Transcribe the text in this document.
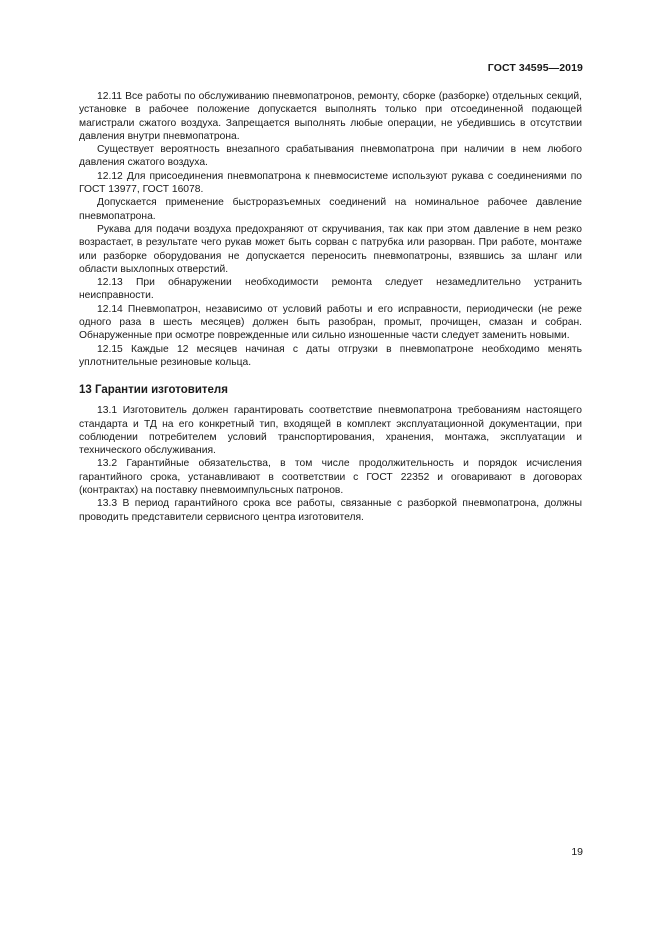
ГОСТ 34595—2019

12.11 Все работы по обслуживанию пневмопатронов, ремонту, сборке (разборке) отдельных секций, установке в рабочее положение допускается выполнять только при отсоединенной подающей магистрали сжатого воздуха. Запрещается выполнять любые операции, не убедившись в отсутствии давления внутри пневмопатрона.

Существует вероятность внезапного срабатывания пневмопатрона при наличии в нем любого давления сжатого воздуха.

12.12 Для присоединения пневмопатрона к пневмосистеме используют рукава с соединениями по ГОСТ 13977, ГОСТ 16078.

Допускается применение быстроразъемных соединений на номинальное рабочее давление пневмопатрона.

Рукава для подачи воздуха предохраняют от скручивания, так как при этом давление в нем резко возрастает, в результате чего рукав может быть сорван с патрубка или разорван. При работе, монтаже или разборке оборудования не допускается переносить пневмопатроны, взявшись за шланг или области выхлопных отверстий.

12.13 При обнаружении необходимости ремонта следует незамедлительно устранить неисправности.

12.14 Пневмопатрон, независимо от условий работы и его исправности, периодически (не реже одного раза в шесть месяцев) должен быть разобран, промыт, прочищен, смазан и собран. Обнаруженные при осмотре поврежденные или сильно изношенные части следует заменить новыми.

12.15 Каждые 12 месяцев начиная с даты отгрузки в пневмопатроне необходимо менять уплотнительные резиновые кольца.

13 Гарантии изготовителя

13.1 Изготовитель должен гарантировать соответствие пневмопатрона требованиям настоящего стандарта и ТД на его конкретный тип, входящей в комплект эксплуатационной документации, при соблюдении потребителем условий транспортирования, хранения, монтажа, эксплуатации и технического обслуживания.

13.2 Гарантийные обязательства, в том числе продолжительность и порядок исчисления гарантийного срока, устанавливают в соответствии с ГОСТ 22352 и оговаривают в договорах (контрактах) на поставку пневмоимпульсных патронов.

13.3 В период гарантийного срока все работы, связанные с разборкой пневмопатрона, должны проводить представители сервисного центра изготовителя.

19
